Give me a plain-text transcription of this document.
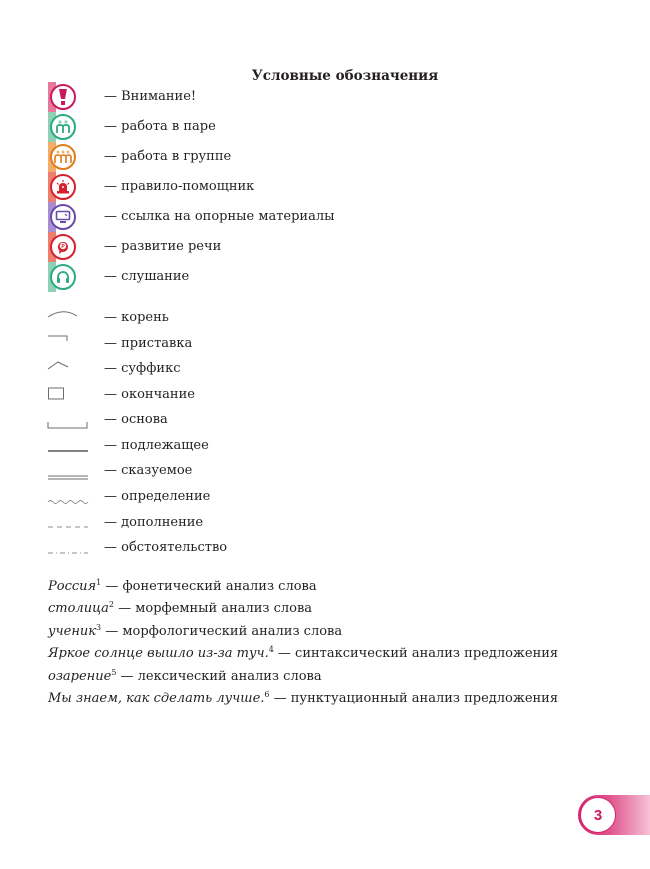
Условные обозначения
— Внимание!
— работа в паре
— работа в группе
— правило-помощник
— ссылка на опорные материалы
P	— развитие речи
— слушание
— корень
— приставка
— суффикс
— окончание
— основа
— подлежащее
— сказуемое
— определение
— дополнение
— обстоятельство
Россия$^1$ — фонетический анализ слова
столица$^2$ — морфемный анализ слова
ученик$^3$ — морфологический анализ слова
Яркое солнце вышло из-за туч.$^4$ — синтаксический анализ предложения
озарение$^5$ — лексический анализ слова
Мы знаем, как сделать лучше.$^6$ — пунктуационный анализ предложения
3
